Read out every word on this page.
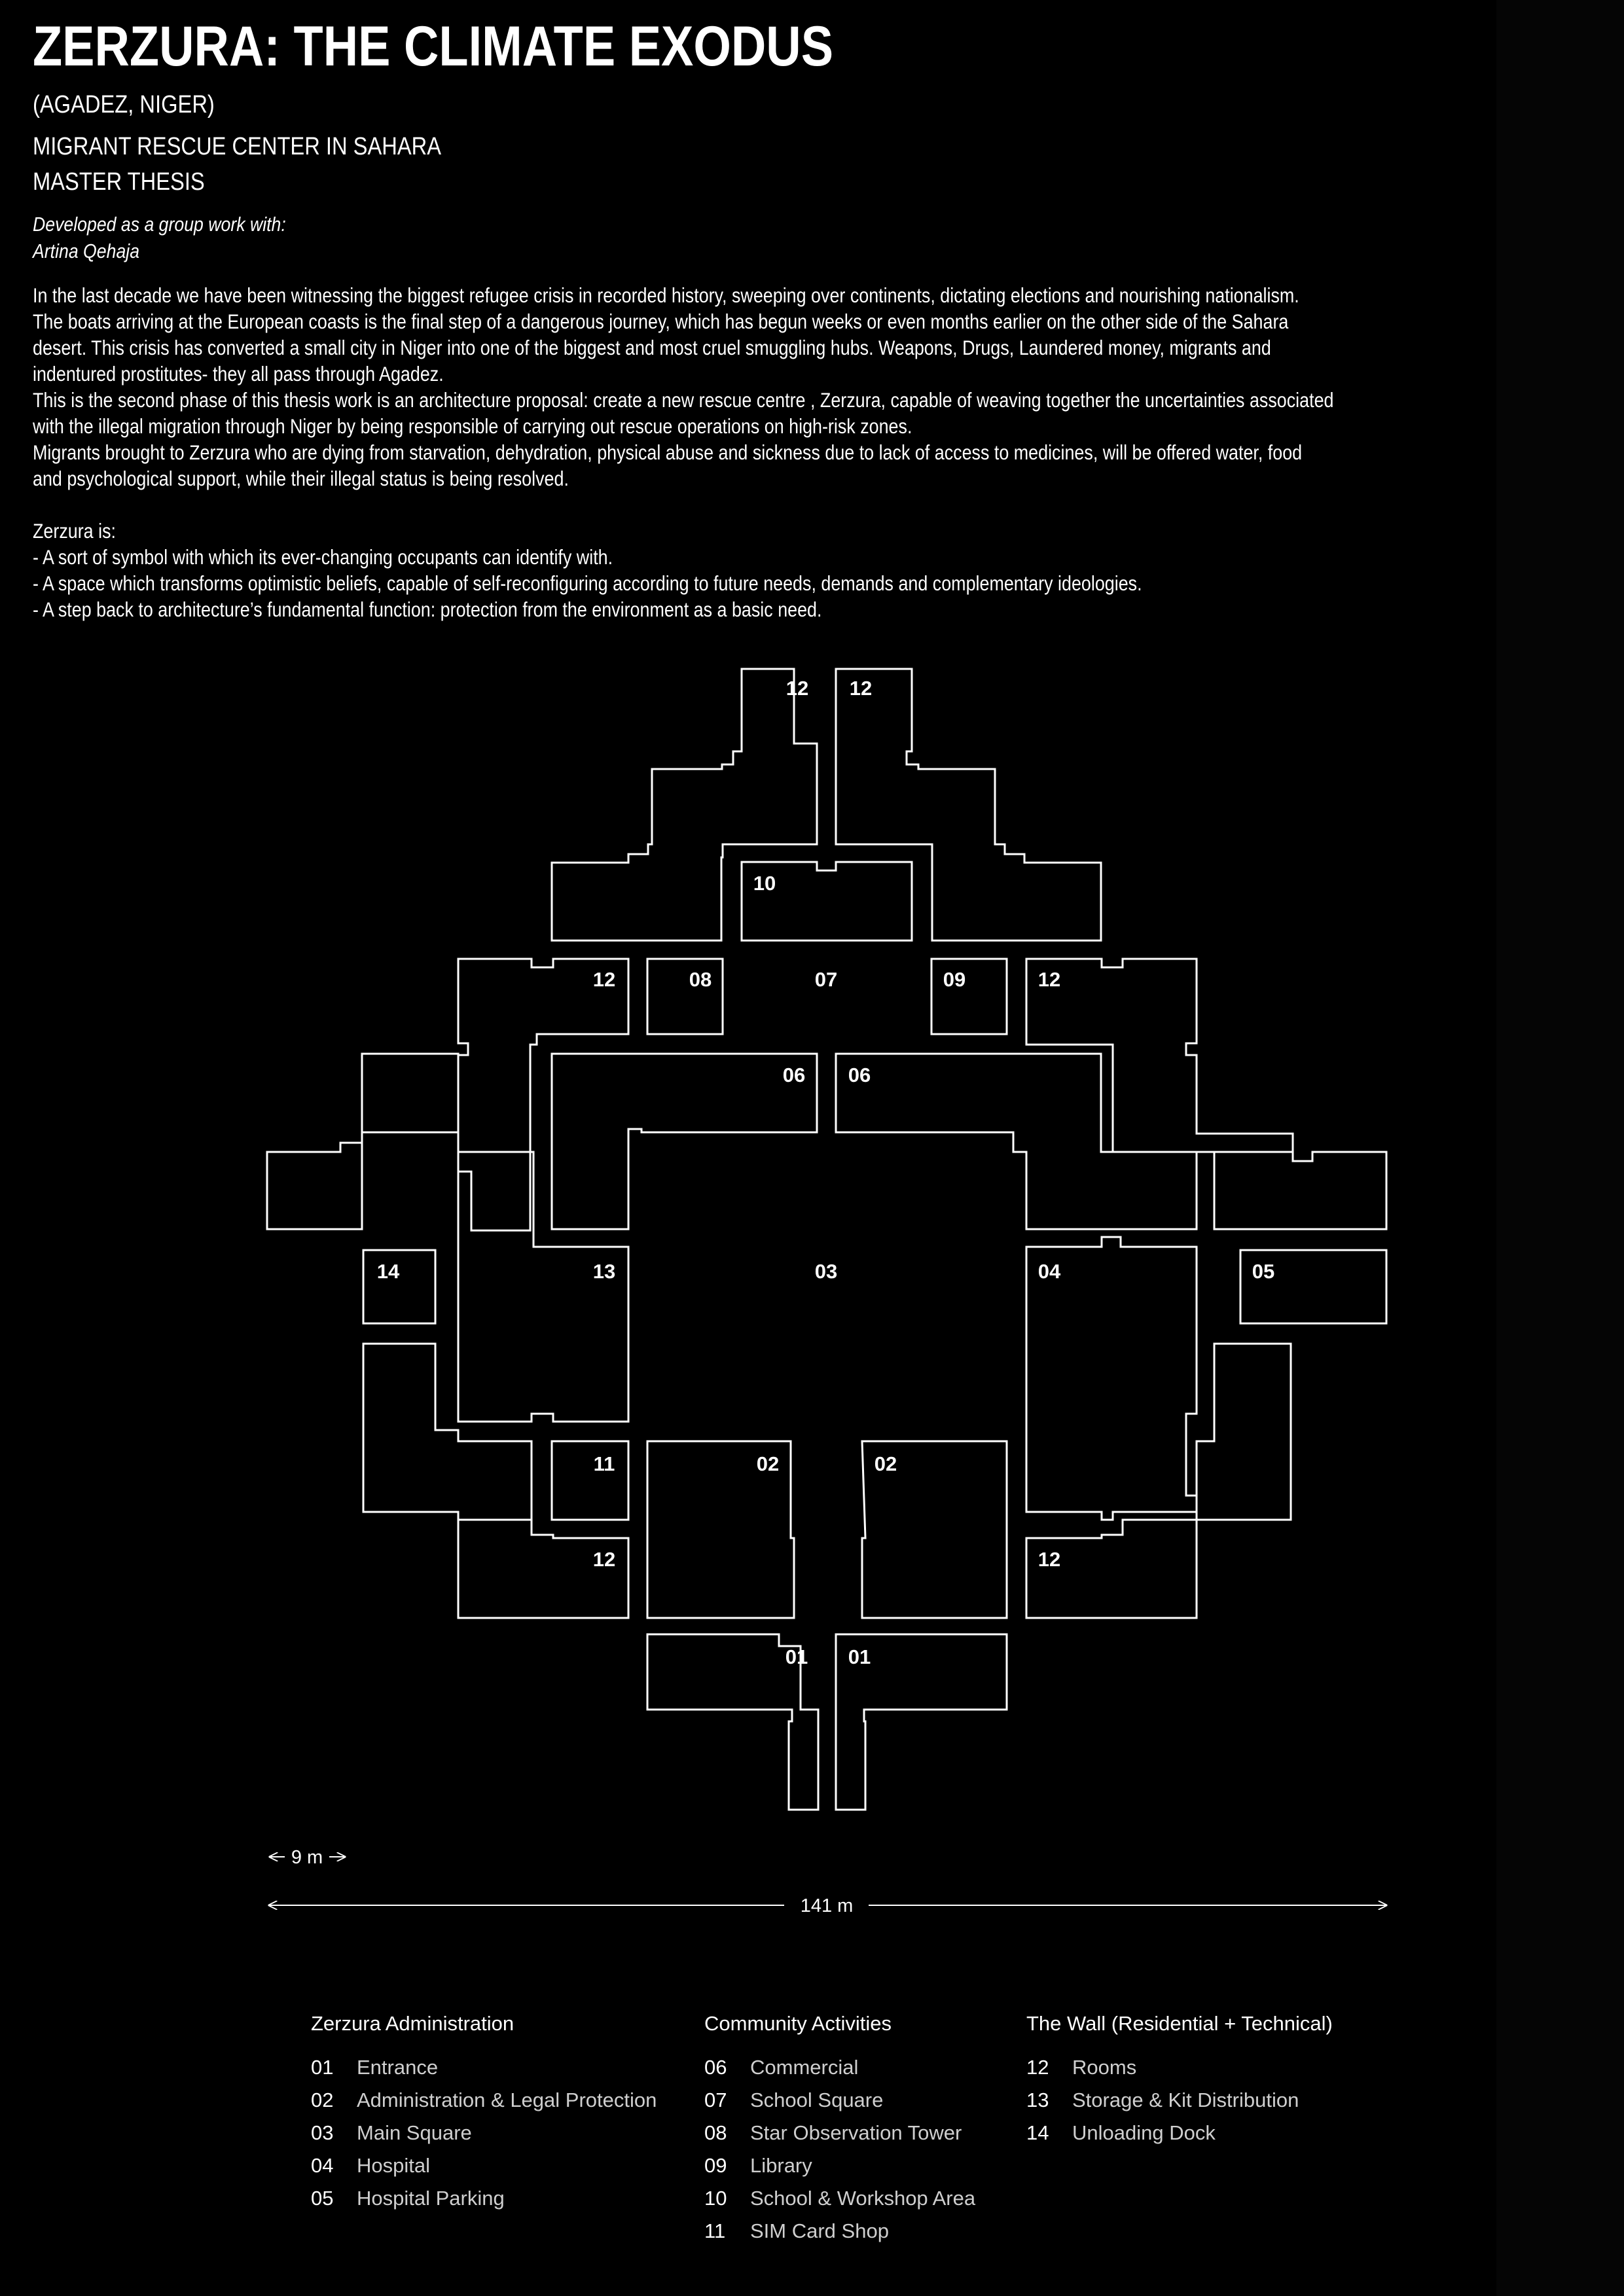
ZERZURA: THE CLIMATE EXODUS
(AGADEZ, NIGER)
MIGRANT RESCUE CENTER IN SAHARA
MASTER THESIS
Developed as a group work with:
Artina Qehaja

In the last decade we have been witnessing the biggest refugee crisis in recorded history, sweeping over continents, dictating elections and nourishing nationalism.

The boats arriving at the European coasts is the final step of a dangerous journey, which has begun weeks or even months earlier on the other side of the Sahara

desert. This crisis has converted a small city in Niger into one of the biggest and most cruel smuggling hubs. Weapons, Drugs, Laundered money, migrants and

indentured prostitutes- they all pass through Agadez.

This is the second phase of this thesis work is an architecture proposal: create a new rescue centre , Zerzura, capable of weaving together the uncertainties associated

with the illegal migration through Niger by being responsible of carrying out rescue operations on high-risk zones.

Migrants brought to Zerzura who are dying from starvation, dehydration, physical abuse and sickness due to lack of access to medicines, will be offered water, food

and psychological support, while their illegal status is being resolved.

Zerzura is:

- A sort of symbol with which its ever-changing occupants can identify with.

- A space which transforms optimistic beliefs, capable of self-reconfiguring according to future needs, demands and complementary ideologies.

- A step back to architecture’s fundamental function: protection from the environment as a basic need.

12 12
10
12	08	07	09	12
06 06
14	13	03	04	05
11	02	02
12	12
01 01
9 m
141 m
Zerzura Administration
01	Entrance
02	Administration & Legal Protection
03	Main Square
04	Hospital
05	Hospital Parking
Community Activities
06	Commercial
07	School Square
08	Star Observation Tower
09	Library
10	School & Workshop Area
11	SIM Card Shop
The Wall (Residential + Technical)
12	Rooms
13	Storage & Kit Distribution
14	Unloading Dock
